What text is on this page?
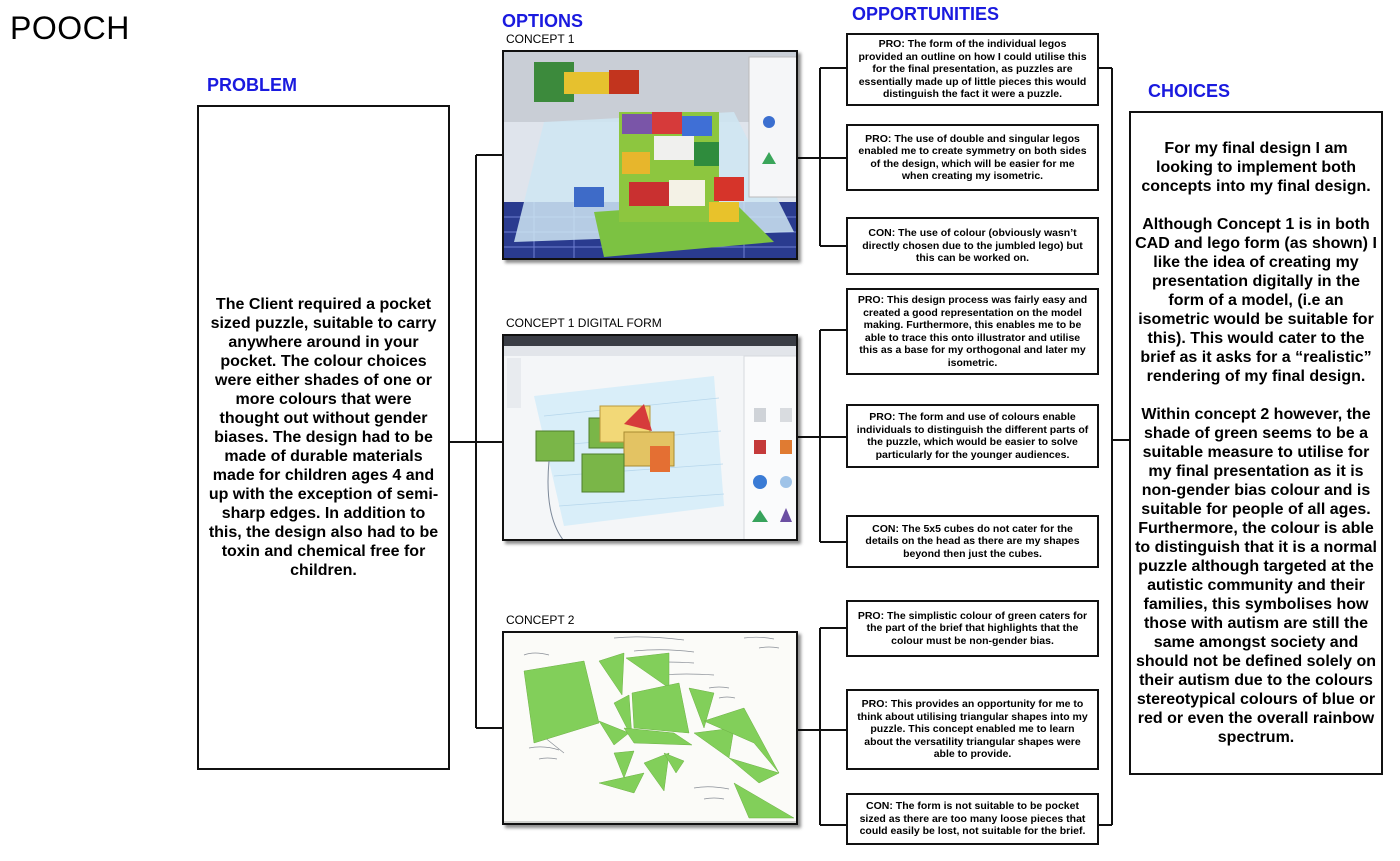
POOCH
PROBLEM
OPTIONS	OPPORTUNITIES
CHOICES
The Client required a pocket sized puzzle, suitable to carry anywhere around in your pocket. The colour choices were either shades of one or more colours that were thought out without gender biases. The design had to be made of durable materials made for children ages 4 and up with the exception of semi-sharp edges. In addition to this, the design also had to be toxin and chemical free for children.
CONCEPT 1
CONCEPT 1 DIGITAL FORM
CONCEPT 2
PRO: The form of the individual legos provided an outline on how I could utilise this for the final presentation, as puzzles are essentially made up of little pieces this would distinguish the fact it were a puzzle.
PRO: The use of double and singular legos enabled me to create symmetry on both sides of the design, which will be easier for me when creating my isometric.
CON: The use of colour (obviously wasn’t directly chosen due to the jumbled lego) but this can be worked on.
PRO: This design process was fairly easy and created a good representation on the model making. Furthermore, this enables me to be able to trace this onto illustrator and utilise this as a base for my orthogonal and later my isometric.
PRO: The form and use of colours enable individuals to distinguish the different parts of the puzzle, which would be easier to solve particularly for the younger audiences.
CON: The 5x5 cubes do not cater for the details on the head as there are my shapes beyond then just the cubes.
PRO: The simplistic colour of green caters for the part of the brief that highlights that the colour must be non-gender bias.
PRO: This provides an opportunity for me to think about utilising triangular shapes into my puzzle. This concept enabled me to learn about the versatility triangular shapes were able to provide.
CON: The form is not suitable to be pocket sized as there are too many loose pieces that could easily be lost, not suitable for the brief.
For my final design I am looking to implement both concepts into my final design.

Although Concept 1 is in both CAD and lego form (as shown) I like the idea of creating my presentation digitally in the form of a model, (i.e an isometric would be suitable for this). This would cater to the brief as it asks for a “realistic” rendering of my final design.

Within concept 2 however, the shade of green seems to be a suitable measure to utilise for my final presentation as it is non-gender bias colour and is suitable for people of all ages. Furthermore, the colour is able to distinguish that it is a normal puzzle although targeted at the autistic community and their families, this symbolises how those with autism are still the same amongst society and should not be defined solely on their autism due to the colours stereotypical colours of blue or red or even the overall rainbow spectrum.
